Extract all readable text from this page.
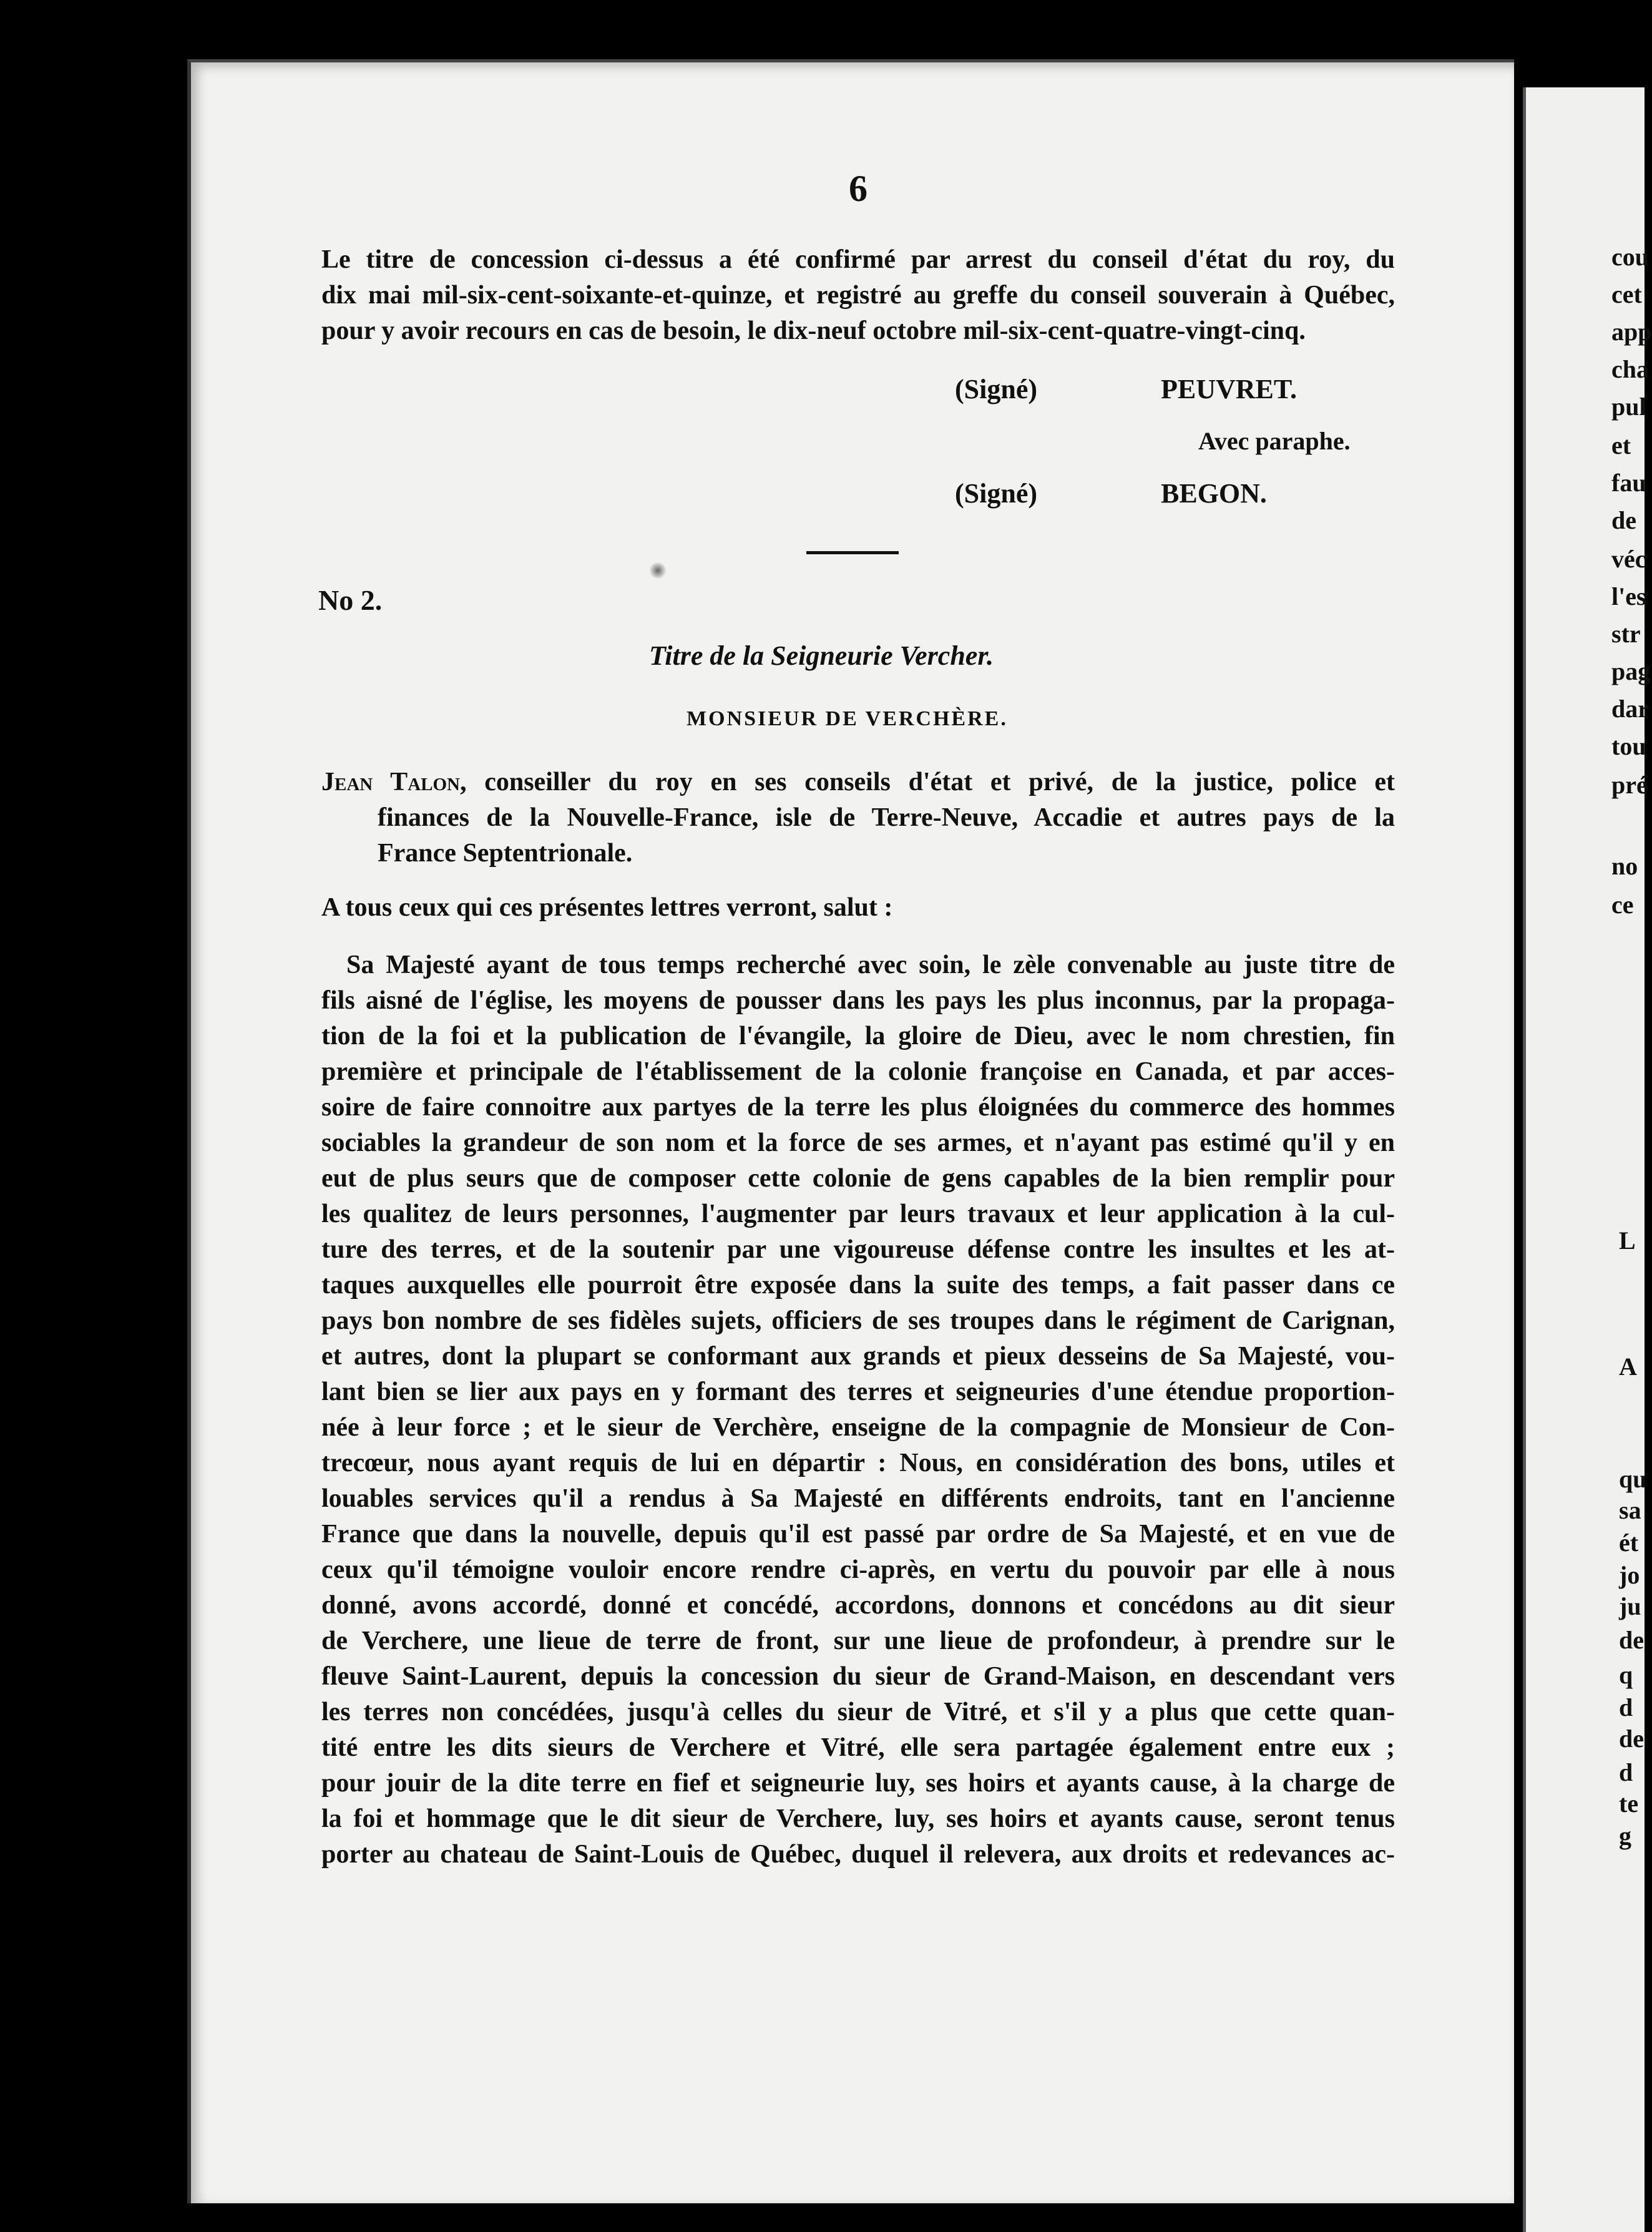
6
Le titre de concession ci-dessus a été confirmé par arrest du conseil d'état du roy, du
dix mai mil-six-cent-soixante-et-quinze, et registré au greffe du conseil souverain à Québec,
pour y avoir recours en cas de besoin, le dix-neuf octobre mil-six-cent-quatre-vingt-cinq.
(Signé)	PEUVRET.
Avec paraphe.
(Signé)	BEGON.
No 2.
Titre de la Seigneurie Vercher.
MONSIEUR DE VERCHÈRE.
Jean Talon, conseiller du roy en ses conseils d'état et privé, de la justice, police et
finances de la Nouvelle-France, isle de Terre-Neuve, Accadie et autres pays de la
France Septentrionale.
A tous ceux qui ces présentes lettres verront, salut :
Sa Majesté ayant de tous temps recherché avec soin, le zèle convenable au juste titre de
fils aisné de l'église, les moyens de pousser dans les pays les plus inconnus, par la propaga-
tion de la foi et la publication de l'évangile, la gloire de Dieu, avec le nom chrestien, fin
première et principale de l'établissement de la colonie françoise en Canada, et par acces-
soire de faire connoitre aux partyes de la terre les plus éloignées du commerce des hommes
sociables la grandeur de son nom et la force de ses armes, et n'ayant pas estimé qu'il y en
eut de plus seurs que de composer cette colonie de gens capables de la bien remplir pour
les qualitez de leurs personnes, l'augmenter par leurs travaux et leur application à la cul-
ture des terres, et de la soutenir par une vigoureuse défense contre les insultes et les at-
taques auxquelles elle pourroit être exposée dans la suite des temps, a fait passer dans ce
pays bon nombre de ses fidèles sujets, officiers de ses troupes dans le régiment de Carignan,
et autres, dont la plupart se conformant aux grands et pieux desseins de Sa Majesté, vou-
lant bien se lier aux pays en y formant des terres et seigneuries d'une étendue proportion-
née à leur force ; et le sieur de Verchère, enseigne de la compagnie de Monsieur de Con-
trecœur, nous ayant requis de lui en départir : Nous, en considération des bons, utiles et
louables services qu'il a rendus à Sa Majesté en différents endroits, tant en l'ancienne
France que dans la nouvelle, depuis qu'il est passé par ordre de Sa Majesté, et en vue de
ceux qu'il témoigne vouloir encore rendre ci-après, en vertu du pouvoir par elle à nous
donné, avons accordé, donné et concédé, accordons, donnons et concédons au dit sieur
de Verchere, une lieue de terre de front, sur une lieue de profondeur, à prendre sur le
fleuve Saint-Laurent, depuis la concession du sieur de Grand-Maison, en descendant vers
les terres non concédées, jusqu'à celles du sieur de Vitré, et s'il y a plus que cette quan-
tité entre les dits sieurs de Verchere et Vitré, elle sera partagée également entre eux ;
pour jouir de la dite terre en fief et seigneurie luy, ses hoirs et ayants cause, à la charge de
la foi et hommage que le dit sieur de Verchere, luy, ses hoirs et ayants cause, seront tenus
porter au chateau de Saint-Louis de Québec, duquel il relevera, aux droits et redevances ac-
cou
cet
app
cha
pul
et
fau
de
véc
l'es
str
pag
dar
tou
pré
no
ce
L
A
qu
sa
ét
jo
ju
de
q
d
de
d
te
g
